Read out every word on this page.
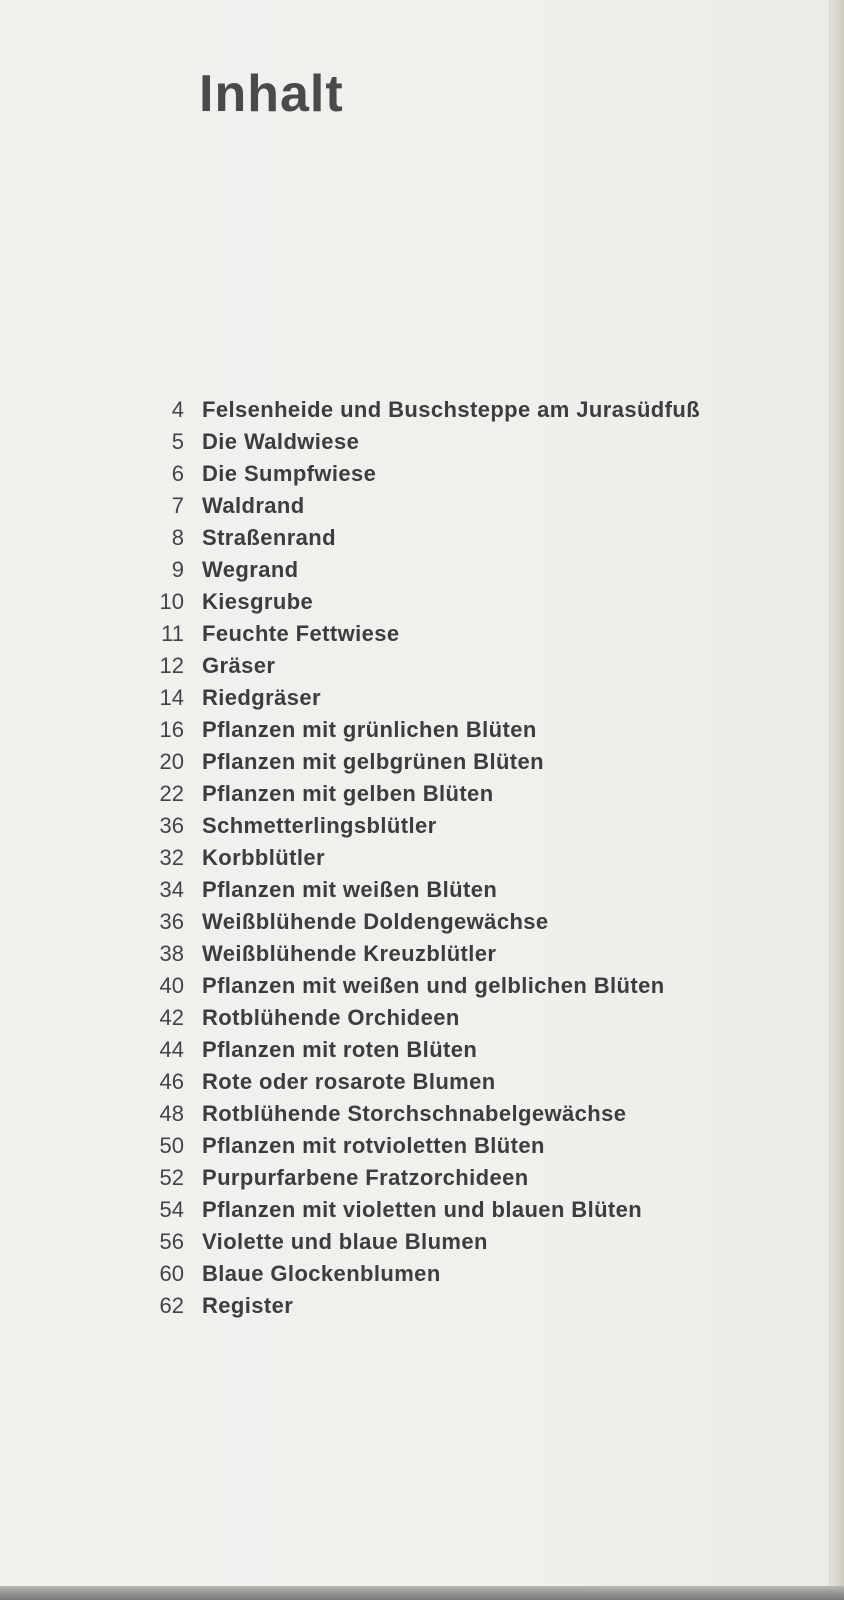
Inhalt
4 Felsenheide und Buschsteppe am Jurasüdfuß
5 Die Waldwiese
6 Die Sumpfwiese
7 Waldrand
8 Straßenrand
9 Wegrand
10 Kiesgrube
11 Feuchte Fettwiese
12 Gräser
14 Riedgräser
16 Pflanzen mit grünlichen Blüten
20 Pflanzen mit gelbgrünen Blüten
22 Pflanzen mit gelben Blüten
36 Schmetterlingsblütler
32 Korbblütler
34 Pflanzen mit weißen Blüten
36 Weißblühende Doldengewächse
38 Weißblühende Kreuzblütler
40 Pflanzen mit weißen und gelblichen Blüten
42 Rotblühende Orchideen
44 Pflanzen mit roten Blüten
46 Rote oder rosarote Blumen
48 Rotblühende Storchschnabelgewächse
50 Pflanzen mit rotvioletten Blüten
52 Purpurfarbene Fratzorchideen
54 Pflanzen mit violetten und blauen Blüten
56 Violette und blaue Blumen
60 Blaue Glockenblumen
62 Register
